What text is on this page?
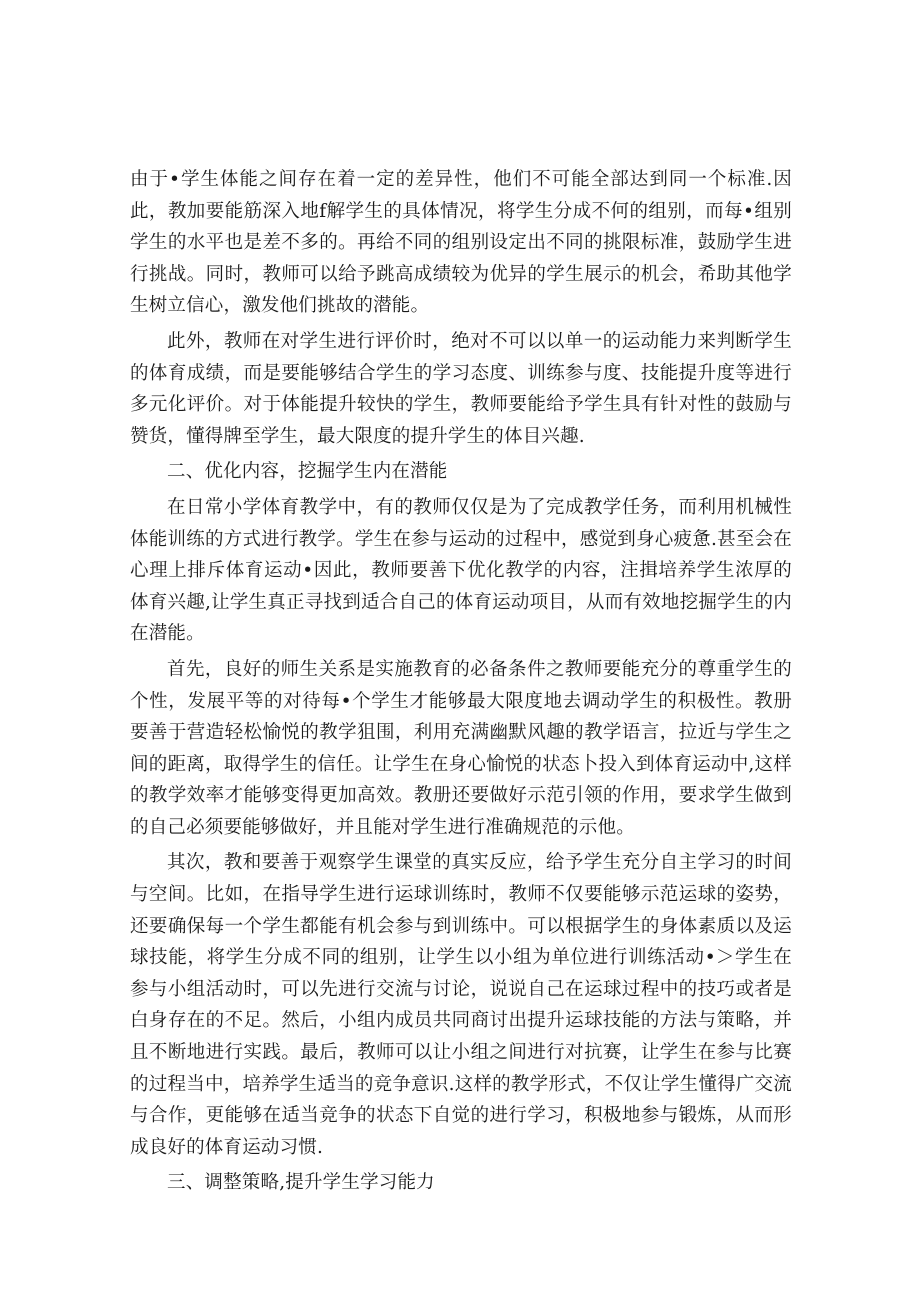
由于•学生体能之间存在着一定的差异性，他们不可能全部达到同一个标准.因此，教加要能筋深入地f解学生的具体情况，将学生分成不何的组别，而每•组别学生的水平也是差不多的。再给不同的组别设定出不同的挑限标准，鼓励学生进行挑战。同时，教师可以给予跳高成绩较为优异的学生展示的机会，希助其他学生树立信心，激发他们挑故的潜能。

此外，教师在对学生进行评价时，绝对不可以以单一的运动能力来判断学生的体育成绩，而是要能够结合学生的学习态度、训练参与度、技能提升度等进行多元化评价。对于体能提升较快的学生，教师要能给予学生具有针对性的鼓励与赞货，懂得牌至学生，最大限度的提升学生的体目兴趣.

二、优化内容，挖掘学生内在潜能

在日常小学体育教学中，有的教师仅仅是为了完成教学任务，而利用机械性体能训练的方式进行教学。学生在参与运动的过程中，感觉到身心疲惫.甚至会在心理上排斥体育运动•因此，教师要善下优化教学的内容，注揖培养学生浓厚的体育兴趣,让学生真正寻找到适合自己的体育运动项目，从而有效地挖掘学生的内在潜能。

首先，良好的师生关系是实施教育的必备条件之教师要能充分的尊重学生的个性，发展平等的对待每•个学生才能够最大限度地去调动学生的积极性。教册要善于营造轻松愉悦的教学狙围，利用充满幽默风趣的教学语言，拉近与学生之间的距离，取得学生的信任。让学生在身心愉悦的状态卜投入到体育运动中,这样的教学效率才能够变得更加高效。教册还要做好示范引领的作用，要求学生做到的自己必须要能够做好，并且能对学生进行准确规范的示他。

其次，教和要善于观察学生课堂的真实反应，给予学生充分自主学习的时间与空间。比如，在指导学生进行运球训练时，教师不仅要能够示范运球的姿势，还要确保每一个学生都能有机会参与到训练中。可以根据学生的身体素质以及运球技能，将学生分成不同的组别，让学生以小组为单位进行训练活动•＞学生在参与小组活动时，可以先进行交流与讨论，说说自己在运球过程中的技巧或者是白身存在的不足。然后，小组内成员共同商讨出提升运球技能的方法与策略，并且不断地进行实践。最后，教师可以让小组之间进行对抗赛，让学生在参与比赛的过程当中，培养学生适当的竞争意识.这样的教学形式，不仅让学生懂得广交流与合作，更能够在适当竞争的状态下自觉的进行学习，积极地参与锻炼，从而形成良好的体育运动习惯.

三、调整策略,提升学生学习能力
